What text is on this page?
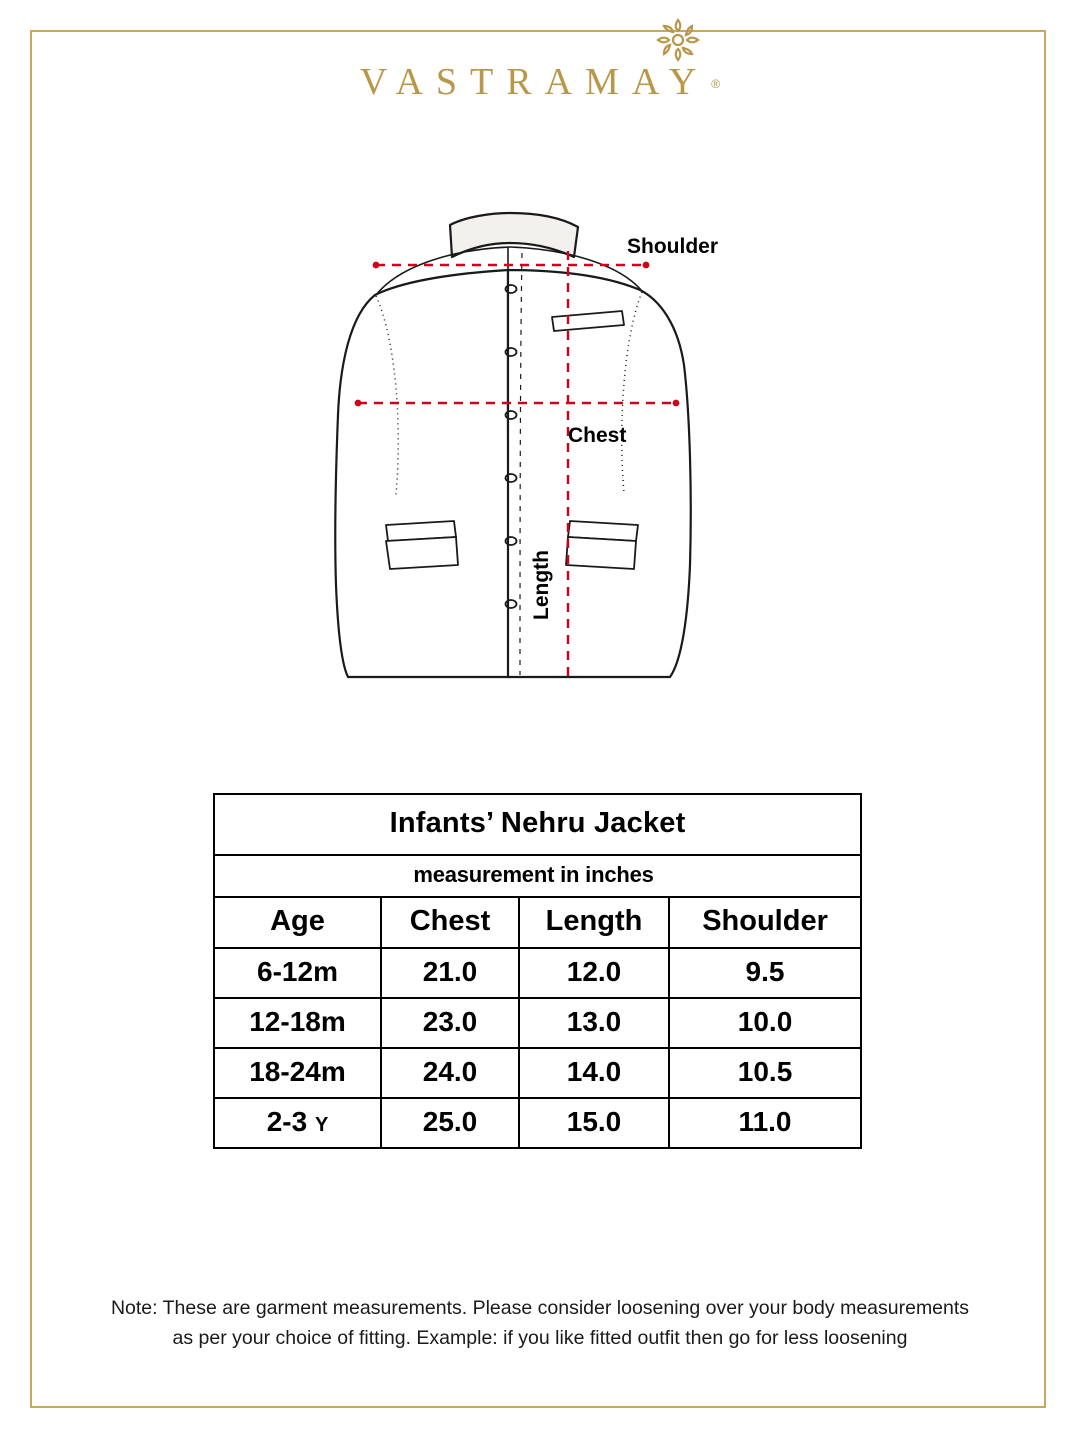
VASTRAMAY ®
Shoulder
Chest
Length
Infants’ Nehru Jacket			
measurement in inches			
Age	Chest	Length	Shoulder
6-12m	21.0	12.0	9.5
12-18m	23.0	13.0	10.0
18-24m	24.0	14.0	10.5
2-3 Y	25.0	15.0	11.0
Note: These are garment measurements. Please consider loosening over your body measurements
as per your choice of fitting. Example: if you like fitted outfit then go for less loosening
